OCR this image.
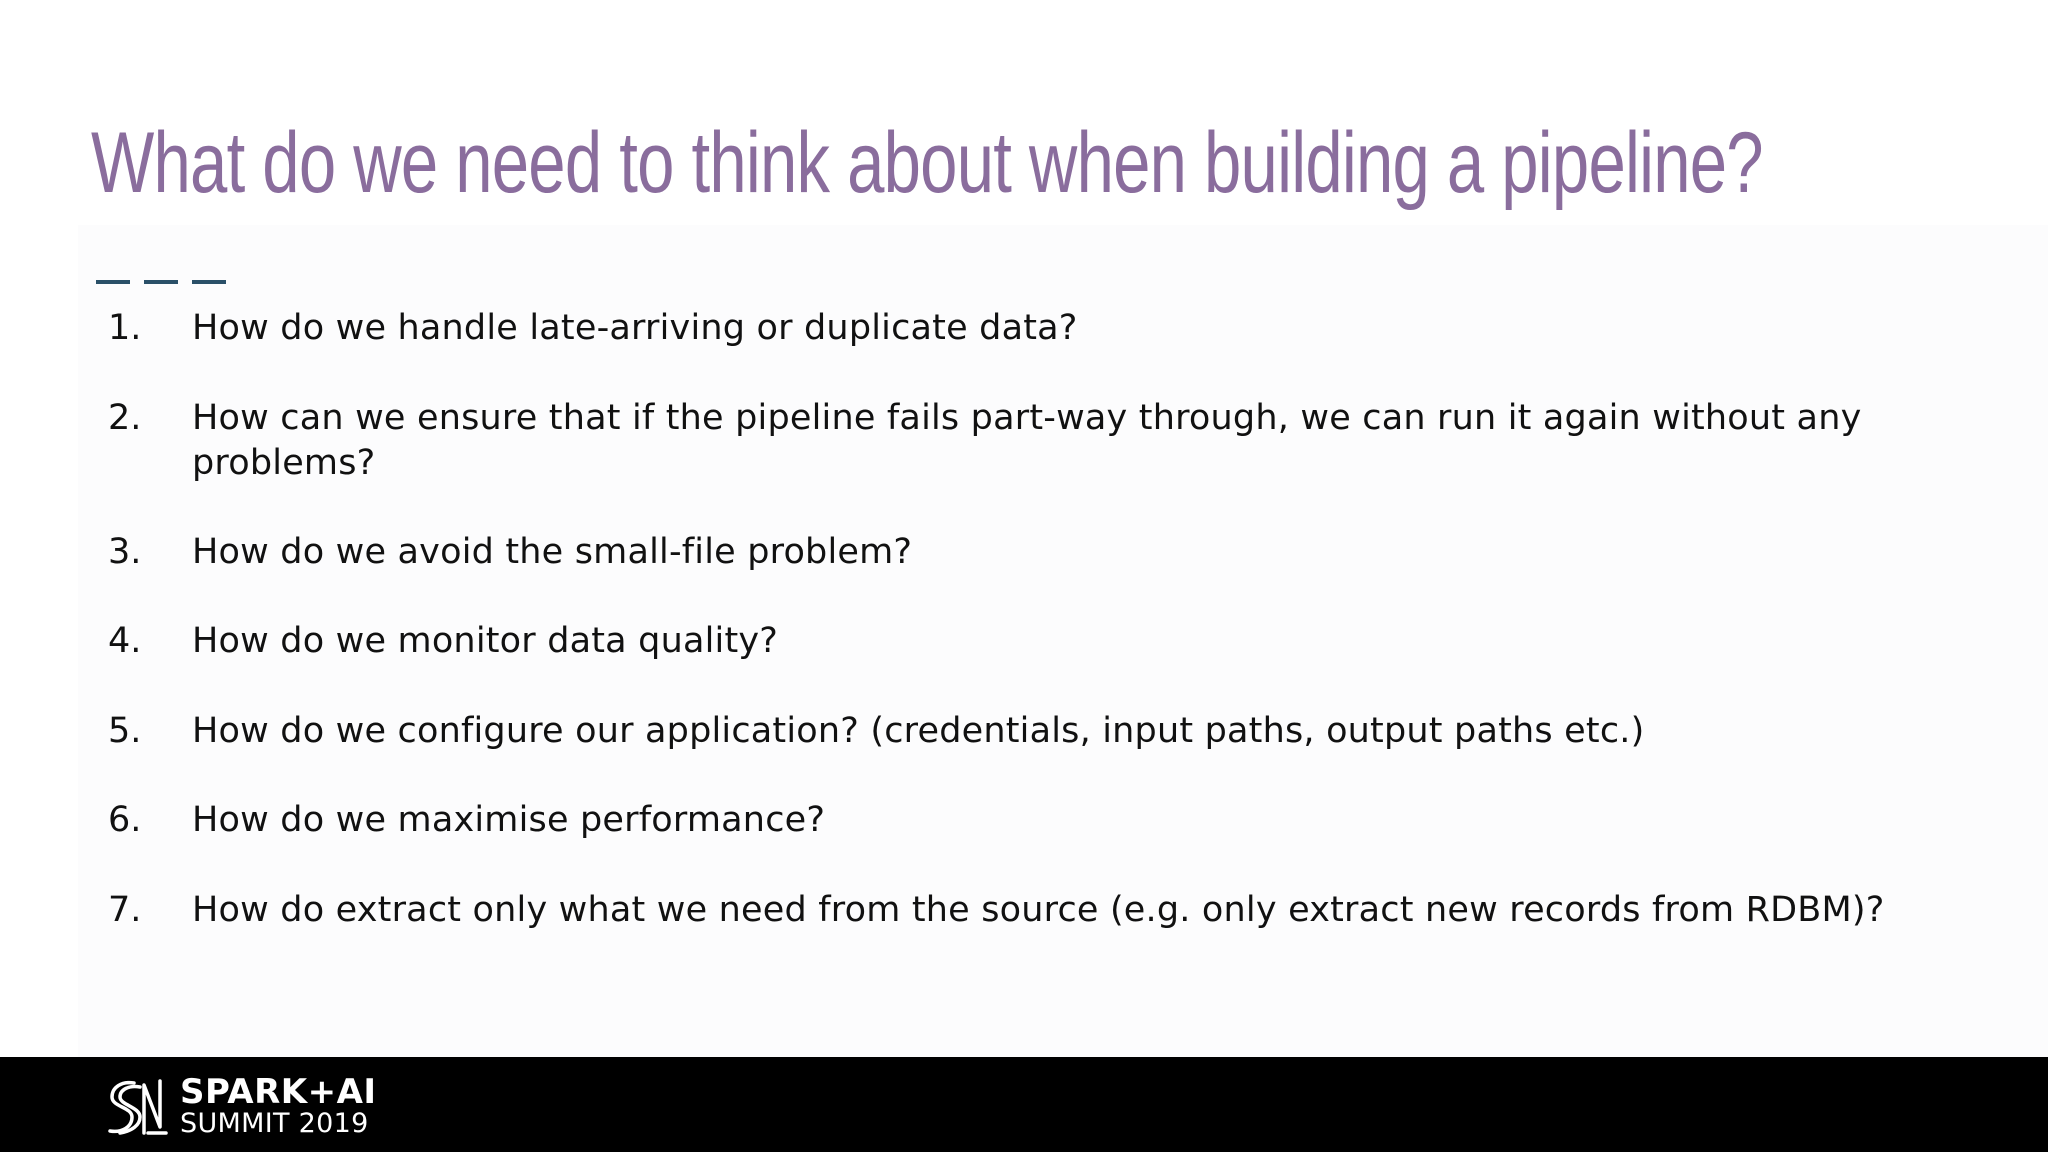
What do we need to think about when building a pipeline?
1.	How do we handle late-arriving or duplicate data?
2.	How can we ensure that if the pipeline fails part-way through, we can run it again without any problems?
3.	How do we avoid the small-file problem?
4.	How do we monitor data quality?
5.	How do we configure our application? (credentials, input paths, output paths etc.)
6.	How do we maximise performance?
7.	How do extract only what we need from the source (e.g. only extract new records from RDBM)?
SPARK+AI
SUMMIT 2019
